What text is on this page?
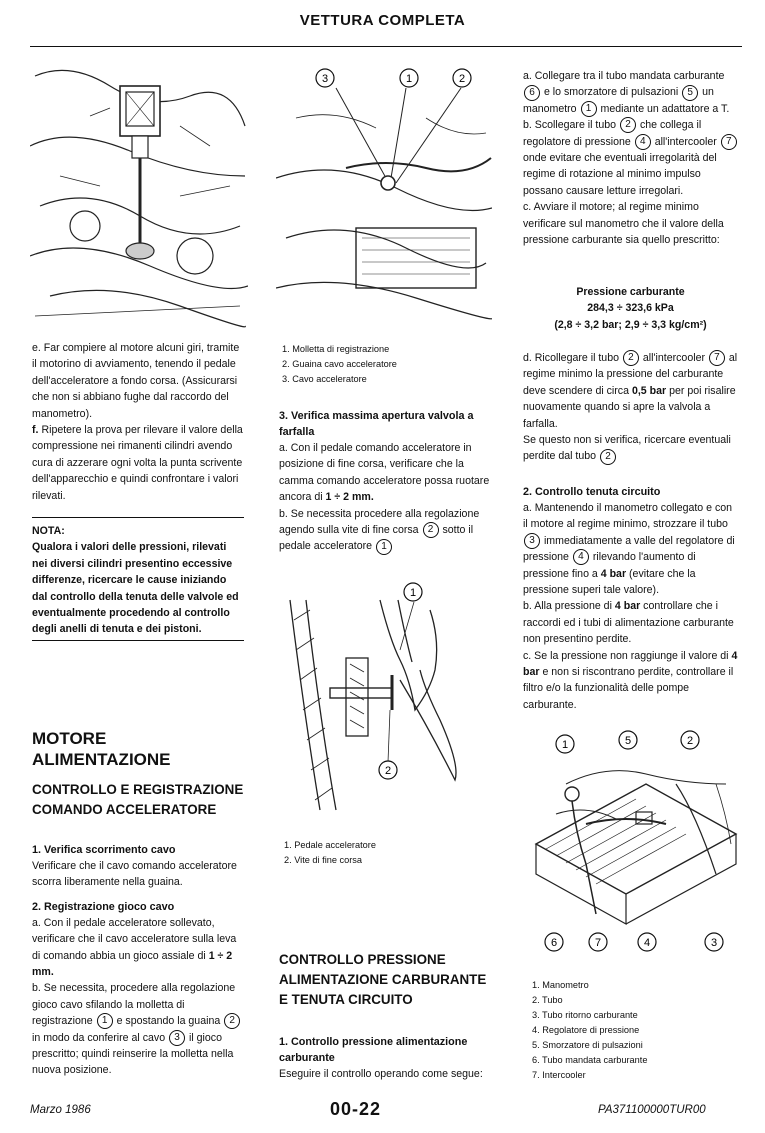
VETTURA COMPLETA
3	1	2

e. Far compiere al motore alcuni giri, tramite il motorino di avviamento, tenendo il pedale dell'acceleratore a fondo corsa. (Assicurarsi che non si abbiano fughe dal raccordo del manometro).

f. Ripetere la prova per rilevare il valore della compressione nei rimanenti cilindri avendo cura di azzerare ogni volta la punta scrivente dell'apparecchio e quindi confrontare i valori rilevati.

NOTA:
Qualora i valori delle pressioni, rilevati nei diversi cilindri presentino eccessive differenze, ricercare le cause iniziando dal controllo della tenuta delle valvole ed eventualmente procedendo al controllo degli anelli di tenuta e dei pistoni.
MOTORE ALIMENTAZIONE
CONTROLLO E REGISTRAZIONE COMANDO ACCELERATORE
1. Verifica scorrimento cavo
Verificare che il cavo comando acceleratore scorra liberamente nella guaina.
2. Registrazione gioco cavo
a. Con il pedale acceleratore sollevato, verificare che il cavo acceleratore sulla leva di comando abbia un gioco assiale di 1 ÷ 2 mm.
b. Se necessita, procedere alla regolazione gioco cavo sfilando la molletta di registrazione 1 e spostando la guaina 2 in modo da conferire al cavo 3 il gioco prescritto; quindi reinserire la molletta nella nuova posizione.
1. Molletta di registrazione
2. Guaina cavo acceleratore
3. Cavo acceleratore
3. Verifica massima apertura valvola a farfalla
a. Con il pedale comando acceleratore in posizione di fine corsa, verificare che la camma comando acceleratore possa ruotare ancora di 1 ÷ 2 mm.
b. Se necessita procedere alla regolazione agendo sulla vite di fine corsa 2 sotto il pedale acceleratore 1
1
2
1. Pedale acceleratore
2. Vite di fine corsa
CONTROLLO PRESSIONE ALIMENTAZIONE CARBURANTE E TENUTA CIRCUITO
1. Controllo pressione alimentazione carburante
Eseguire il controllo operando come segue:
a. Collegare tra il tubo mandata carburante 6 e lo smorzatore di pulsazioni 5 un manometro 1 mediante un adattatore a T.
b. Scollegare il tubo 2 che collega il regolatore di pressione 4 all'intercooler 7 onde evitare che eventuali irregolarità del regime di rotazione al minimo impulso possano causare letture irregolari.
c. Avviare il motore; al regime minimo verificare sul manometro che il valore della pressione carburante sia quello prescritto:
Pressione carburante
284,3 ÷ 323,6 kPa
(2,8 ÷ 3,2 bar; 2,9 ÷ 3,3 kg/cm²)
d. Ricollegare il tubo 2 all'intercooler 7 al regime minimo la pressione del carburante deve scendere di circa 0,5 bar per poi risalire nuovamente quando si apre la valvola a farfalla.
Se questo non si verifica, ricercare eventuali perdite dal tubo 2
2. Controllo tenuta circuito
a. Mantenendo il manometro collegato e con il motore al regime minimo, strozzare il tubo 3 immediatamente a valle del regolatore di pressione 4 rilevando l'aumento di pressione fino a 4 bar (evitare che la pressione superi tale valore).
b. Alla pressione di 4 bar controllare che i raccordi ed i tubi di alimentazione carburante non presentino perdite.
c. Se la pressione non raggiunge il valore di 4 bar e non si riscontrano perdite, controllare il filtro e/o la funzionalità delle pompe carburante.
1	5	2
6	7	4	3
1. Manometro
2. Tubo
3. Tubo ritorno carburante
4. Regolatore di pressione
5. Smorzatore di pulsazioni
6. Tubo mandata carburante
7. Intercooler
Marzo 1986	00-22	PA371100000TUR00
